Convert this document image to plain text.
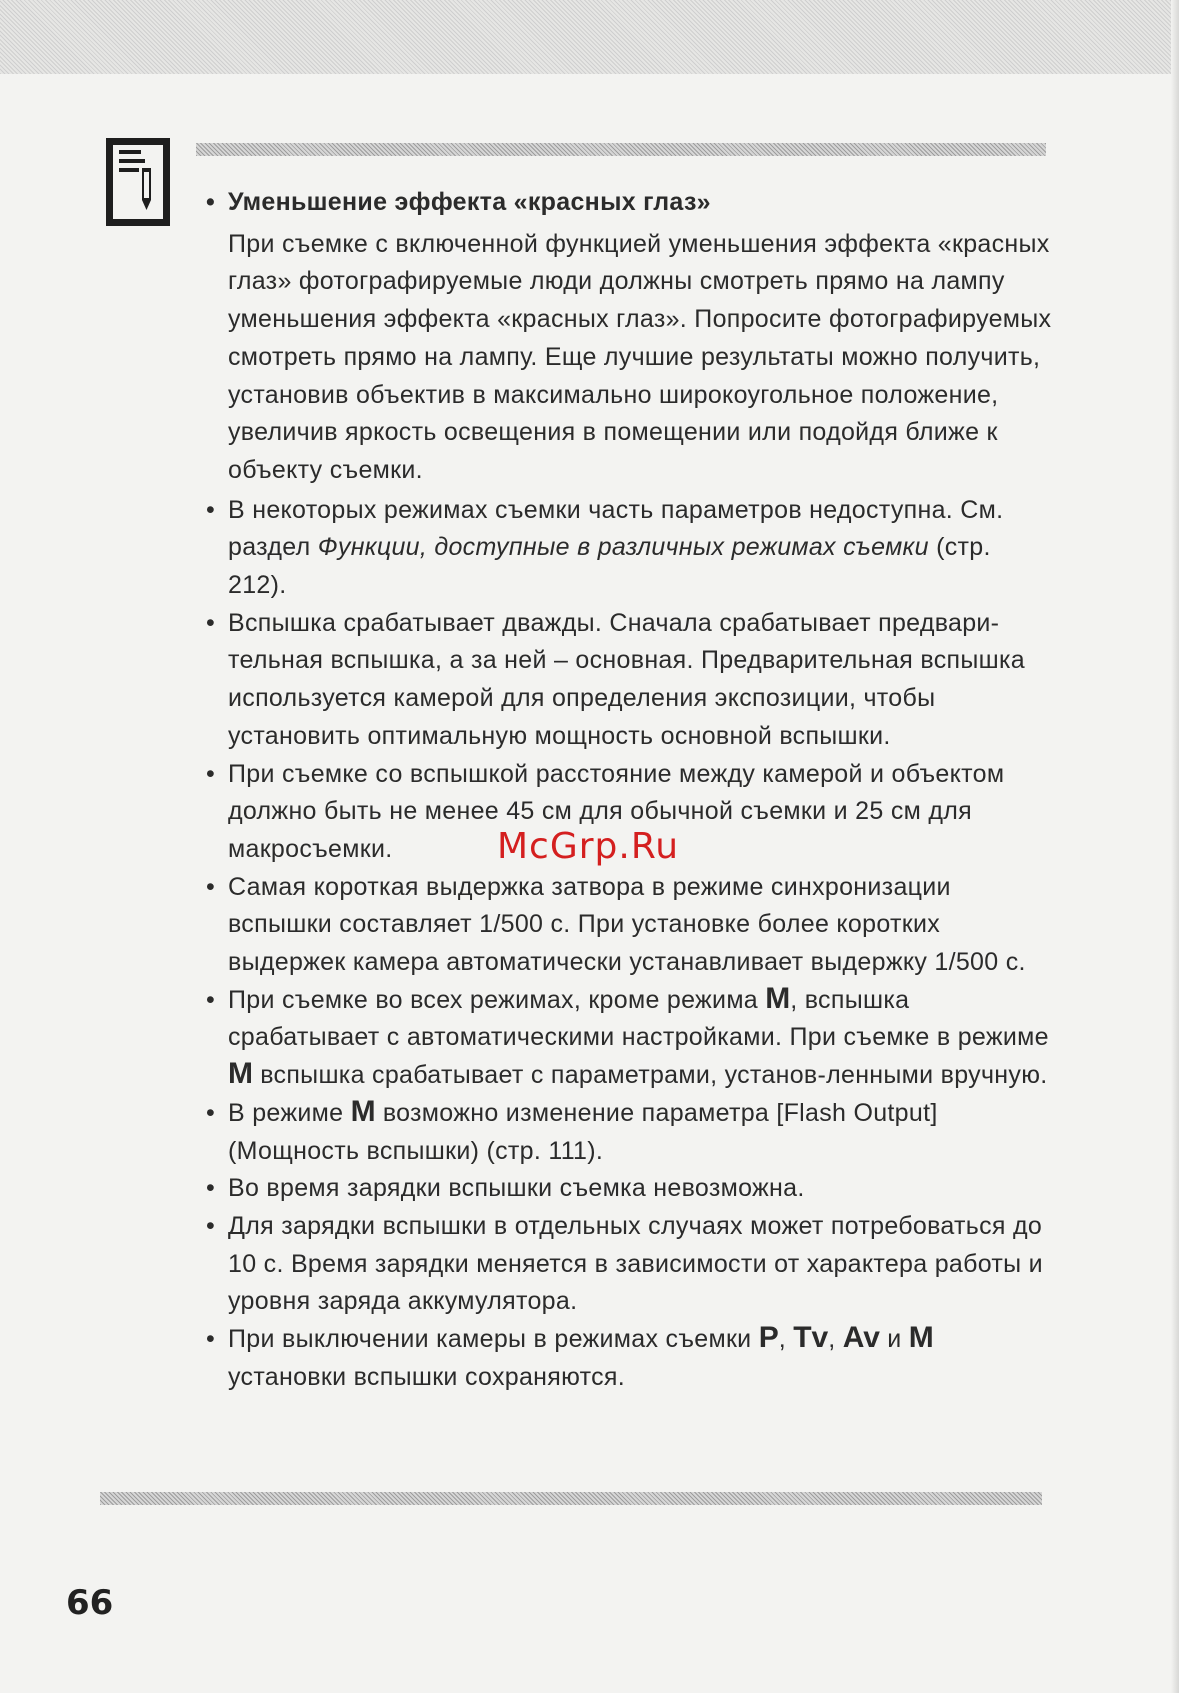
• Уменьшение эффекта «красных глаз»

При съемке с включенной функцией уменьшения эффекта «красных глаз» фотографируемые люди должны смотреть прямо на лампу уменьшения эффекта «красных глаз». Попросите фотографируемых смотреть прямо на лампу. Еще лучшие результаты можно получить, установив объектив в максимально широкоугольное положение, увеличив яркость освещения в помещении или подойдя ближе к объекту съемки.

• В некоторых режимах съемки часть параметров недоступна. См. раздел Функции, доступные в различных режимах съемки (стр. 212).

• Вспышка срабатывает дважды. Сначала срабатывает предвари-тельная вспышка, а за ней – основная. Предварительная вспышка используется камерой для определения экспозиции, чтобы установить оптимальную мощность основной вспышки.

• При съемке со вспышкой расстояние между камерой и объектом должно быть не менее 45 см для обычной съемки и 25 см для макросъемки.

• Самая короткая выдержка затвора в режиме синхронизации вспышки составляет 1/500 с. При установке более коротких выдержек камера автоматически устанавливает выдержку 1/500 с.

• При съемке во всех режимах, кроме режима M, вспышка срабатывает с автоматическими настройками. При съемке в режиме M вспышка срабатывает с параметрами, установ-ленными вручную.

• В режиме M возможно изменение параметра [Flash Output] (Мощность вспышки) (стр. 111).

• Во время зарядки вспышки съемка невозможна.

• Для зарядки вспышки в отдельных случаях может потребоваться до 10 с. Время зарядки меняется в зависимости от характера работы и уровня заряда аккумулятора.

• При выключении камеры в режимах съемки P, Tv, Av и M установки вспышки сохраняются.

McGrp.Ru
66
